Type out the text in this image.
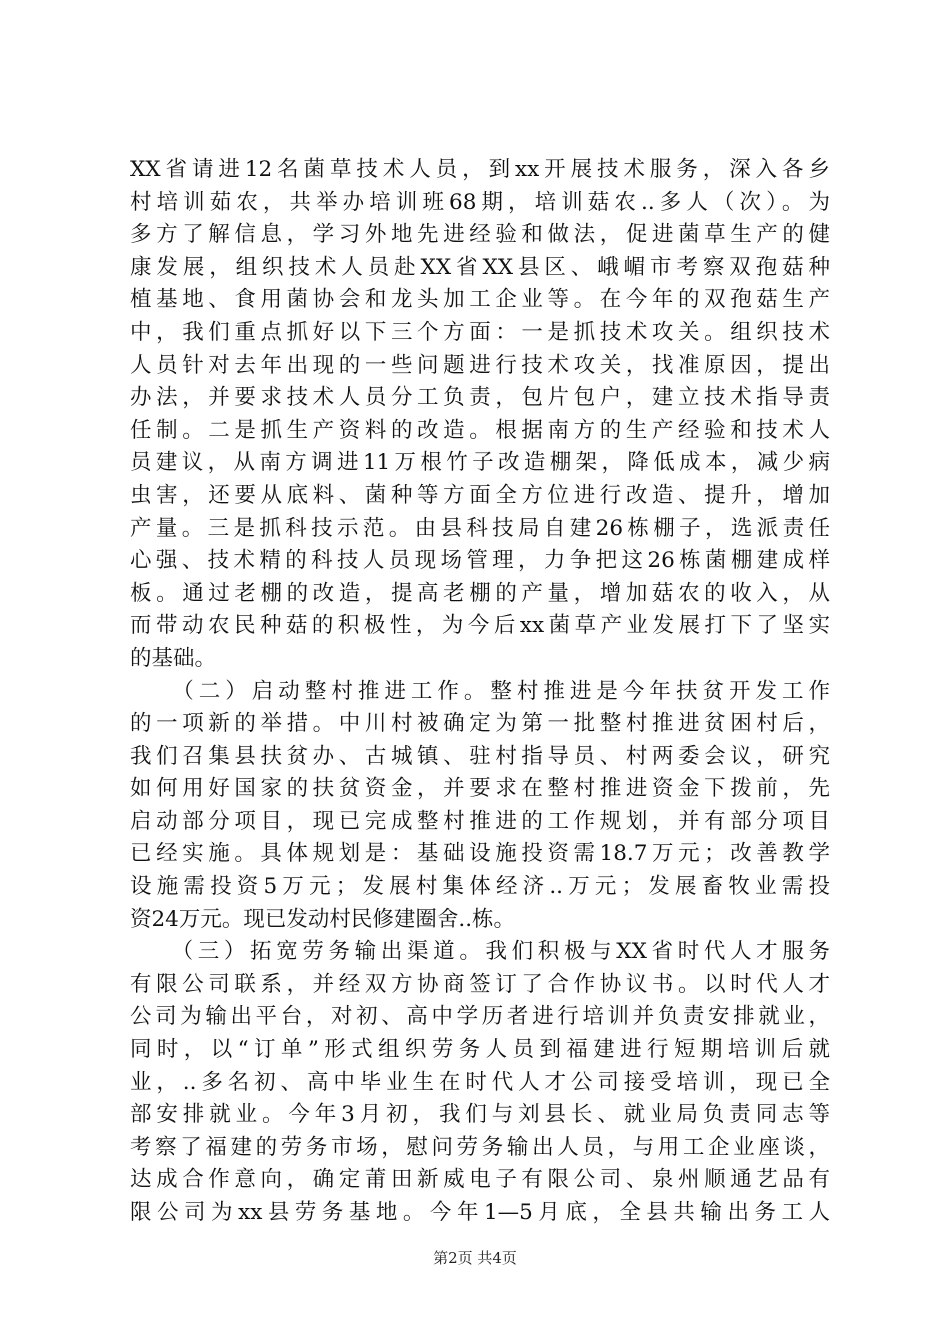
XX省请进12名菌草技术人员，到xx开展技术服务，深入各乡
村培训茹农，共举办培训班68期，培训菇农..多人（次）。为
多方了解信息，学习外地先进经验和做法，促进菌草生产的健
康发展，组织技术人员赴XX省XX县区、峨嵋市考察双孢菇种
植基地、食用菌协会和龙头加工企业等。在今年的双孢菇生产
中，我们重点抓好以下三个方面：一是抓技术攻关。组织技术
人员针对去年出现的一些问题进行技术攻关，找准原因，提出
办法，并要求技术人员分工负责，包片包户，建立技术指导责
任制。二是抓生产资料的改造。根据南方的生产经验和技术人
员建议，从南方调进11万根竹子改造棚架，降低成本，减少病
虫害，还要从底料、菌种等方面全方位进行改造、提升，增加
产量。三是抓科技示范。由县科技局自建26栋棚子，选派责任
心强、技术精的科技人员现场管理，力争把这26栋菌棚建成样
板。通过老棚的改造，提高老棚的产量，增加菇农的收入，从
而带动农民种菇的积极性，为今后xx菌草产业发展打下了坚实
的基础。
　　（二）启动整村推进工作。整村推进是今年扶贫开发工作
的一项新的举措。中川村被确定为第一批整村推进贫困村后，
我们召集县扶贫办、古城镇、驻村指导员、村两委会议，研究
如何用好国家的扶贫资金，并要求在整村推进资金下拨前，先
启动部分项目，现已完成整村推进的工作规划，并有部分项目
已经实施。具体规划是：基础设施投资需18.7万元；改善教学
设施需投资5万元；发展村集体经济..万元；发展畜牧业需投
资24万元。现已发动村民修建圈舍..栋。
　　（三）拓宽劳务输出渠道。我们积极与XX省时代人才服务
有限公司联系，并经双方协商签订了合作协议书。以时代人才
公司为输出平台，对初、高中学历者进行培训并负责安排就业，
同时，以“订单”形式组织劳务人员到福建进行短期培训后就
业，..多名初、高中毕业生在时代人才公司接受培训，现已全
部安排就业。今年3月初，我们与刘县长、就业局负责同志等
考察了福建的劳务市场，慰问劳务输出人员，与用工企业座谈，
达成合作意向，确定莆田新威电子有限公司、泉州顺通艺品有
限公司为xx县劳务基地。今年1—5月底，全县共输出务工人
第2页 共4页
